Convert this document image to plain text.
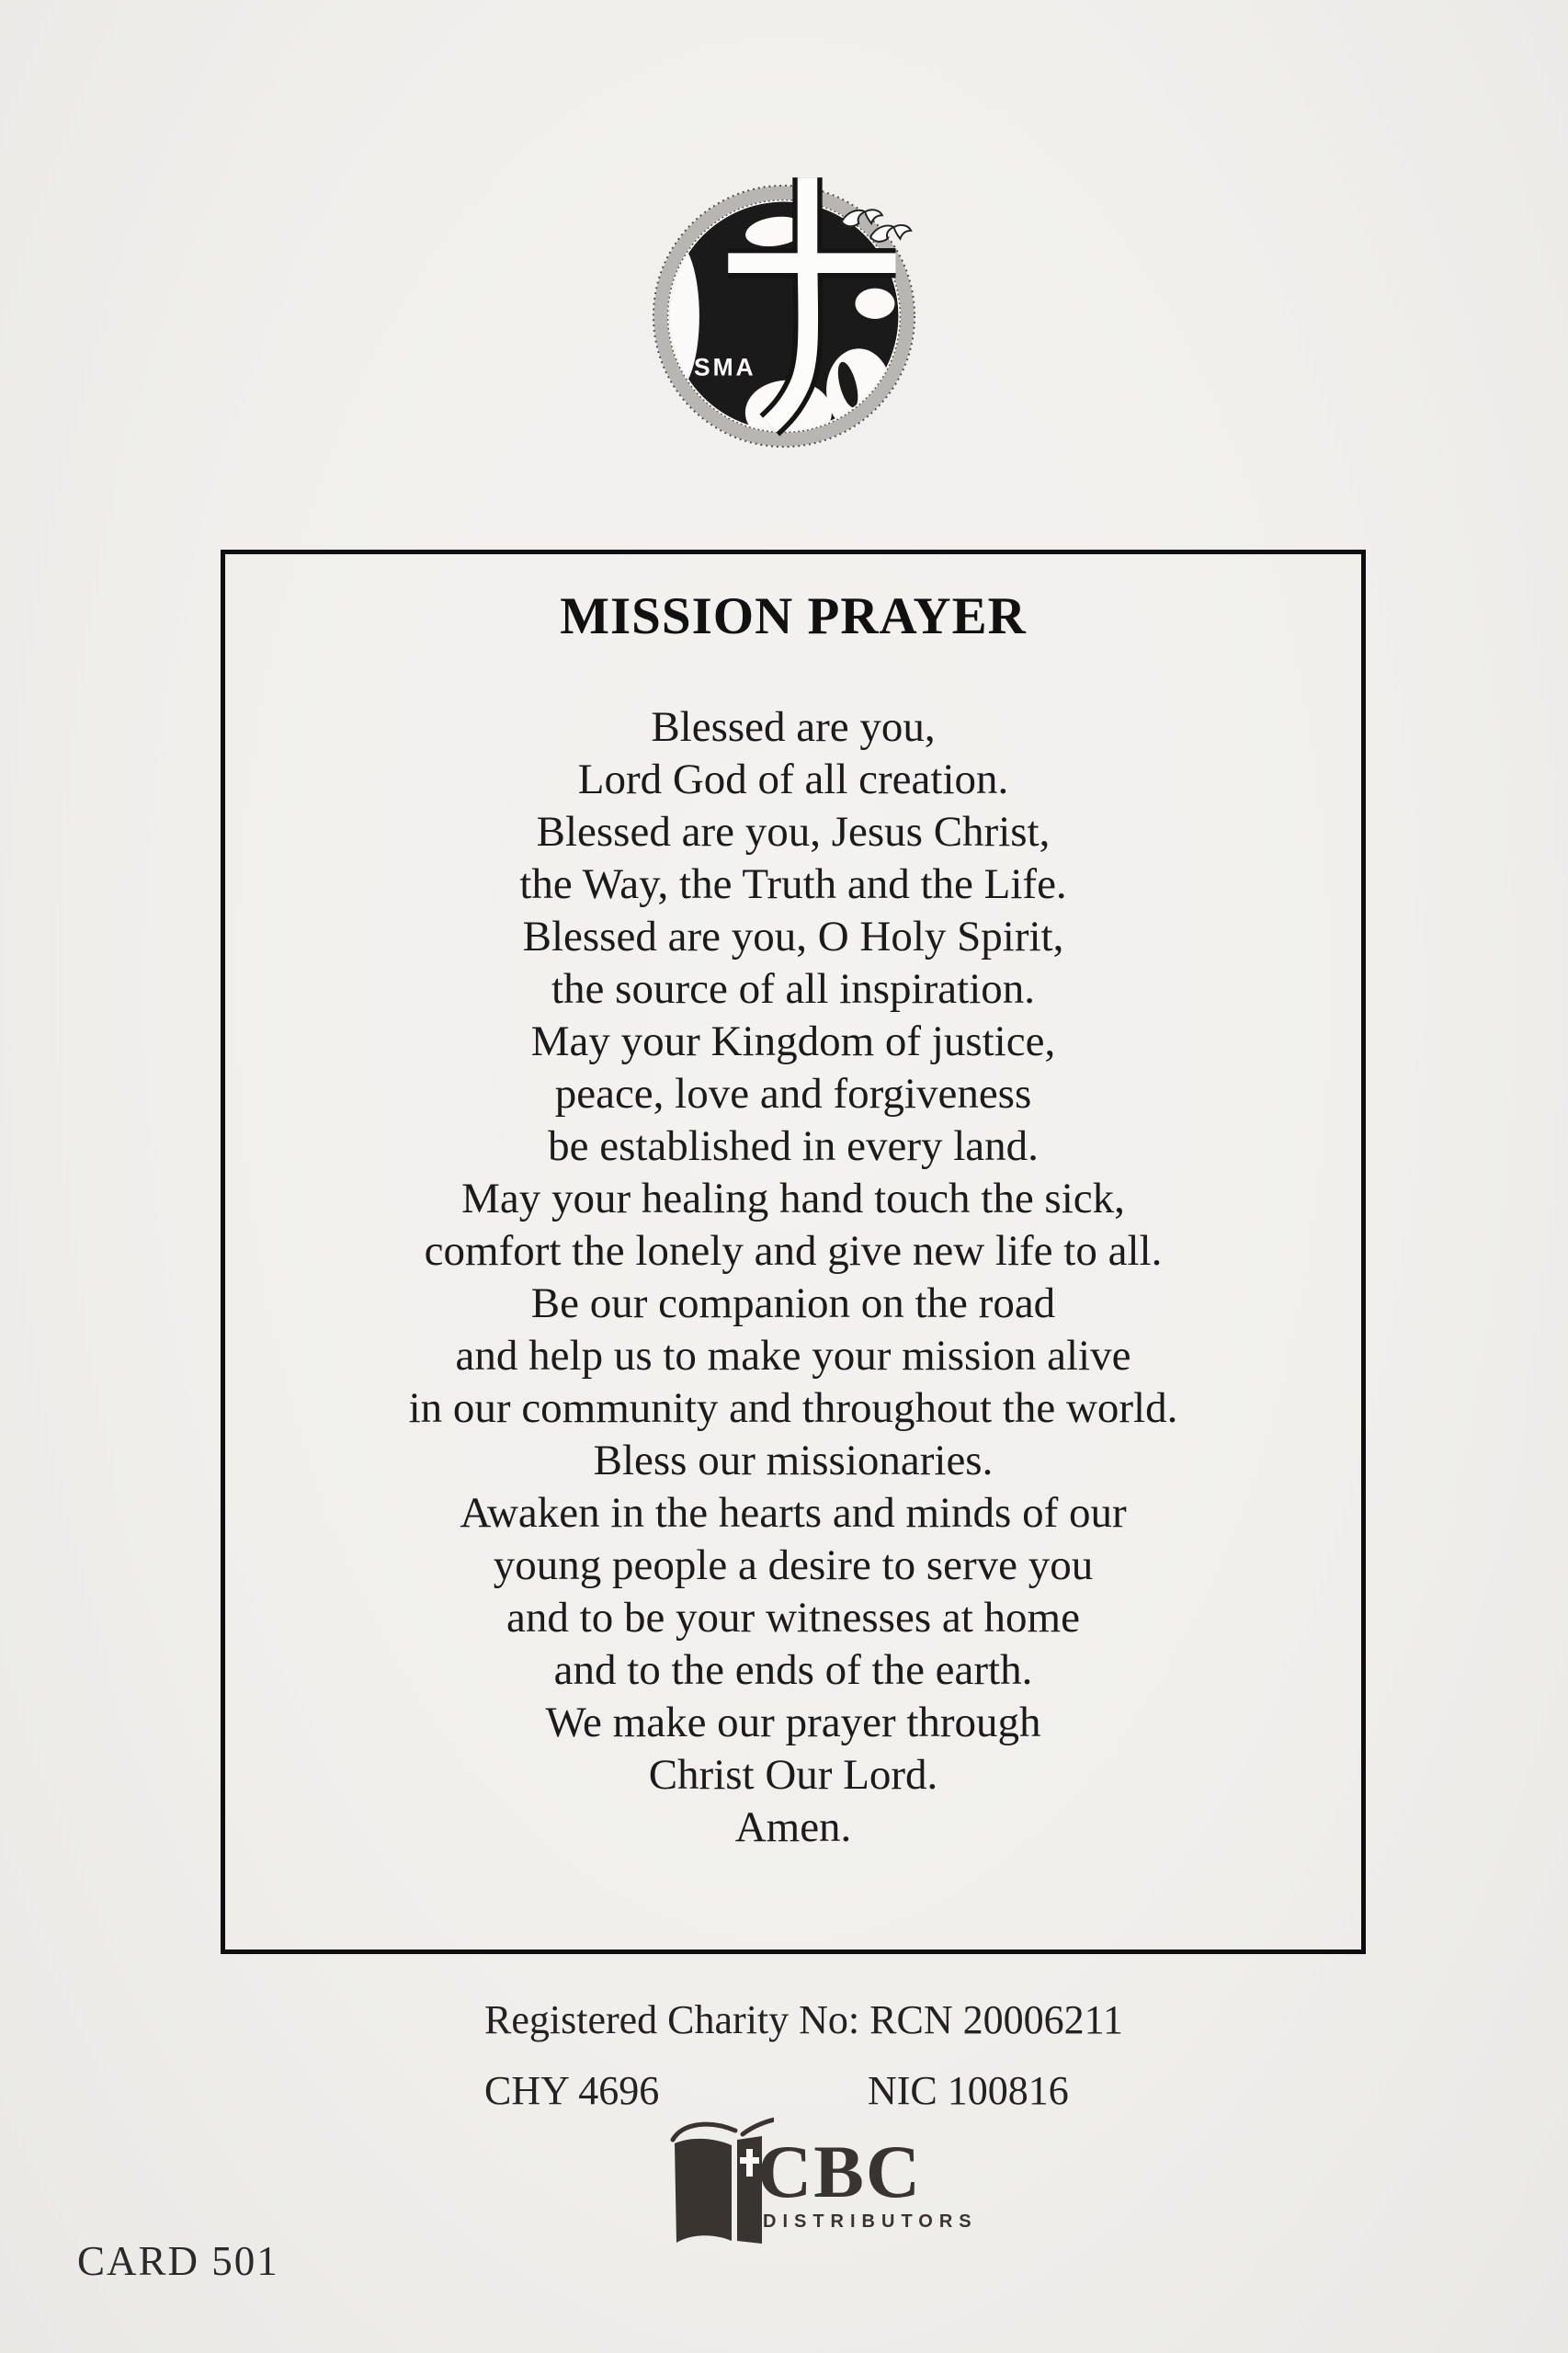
SMA
MISSION PRAYER
Blessed are you,
Lord God of all creation.
Blessed are you, Jesus Christ,
the Way, the Truth and the Life.
Blessed are you, O Holy Spirit,
the source of all inspiration.
May your Kingdom of justice,
peace, love and forgiveness
be established in every land.
May your healing hand touch the sick,
comfort the lonely and give new life to all.
Be our companion on the road
and help us to make your mission alive
in our community and throughout the world.
Bless our missionaries.
Awaken in the hearts and minds of our
young people a desire to serve you
and to be your witnesses at home
and to the ends of the earth.
We make our prayer through
Christ Our Lord.
Amen.
Registered Charity No: RCN 20006211
CHY 4696	NIC 100816
CBC
DISTRIBUTORS
CARD 501
